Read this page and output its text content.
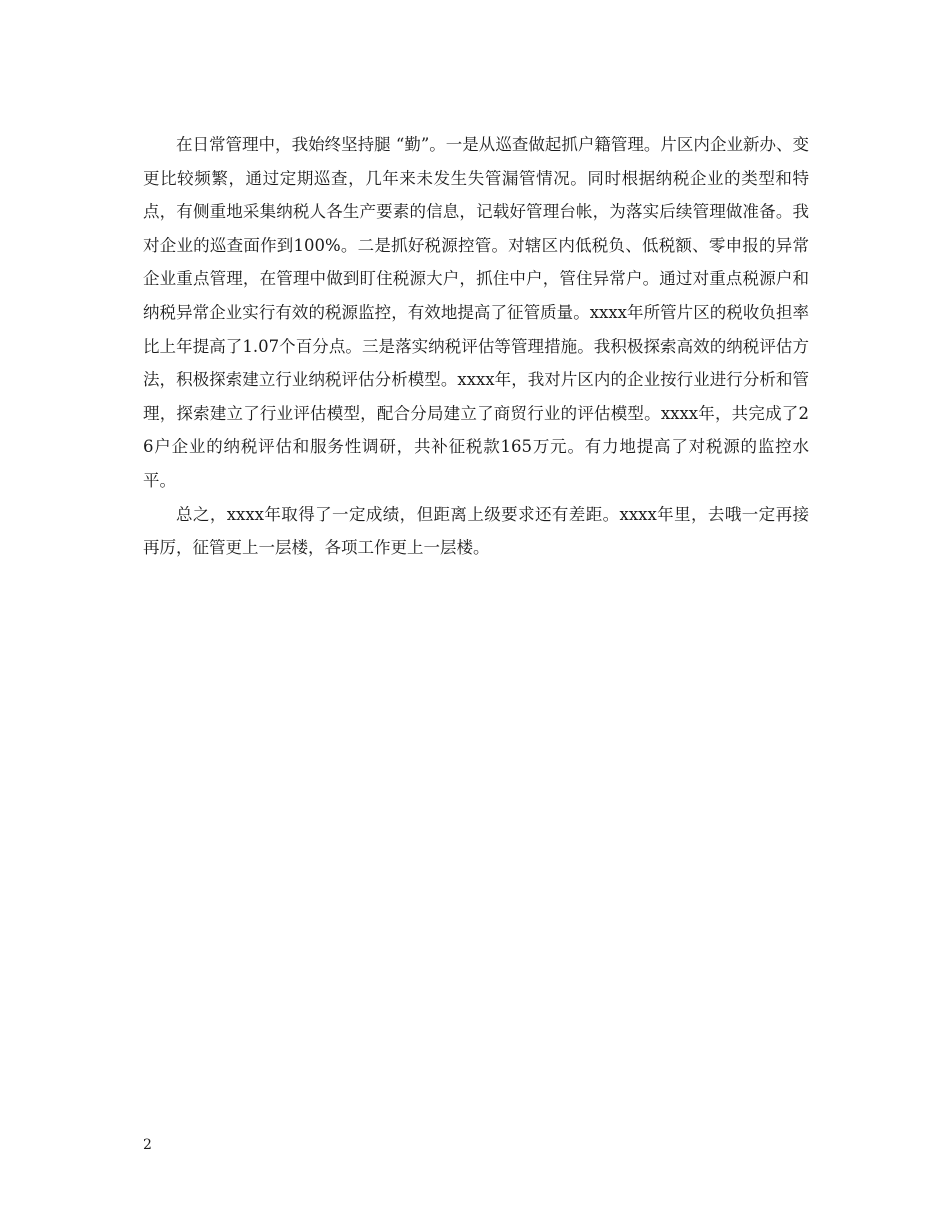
在日常管理中，我始终坚持腿 “勤”。一是从巡查做起抓户籍管理。片区内企业新办、变更比较频繁，通过定期巡查，几年来未发生失管漏管情况。同时根据纳税企业的类型和特点，有侧重地采集纳税人各生产要素的信息，记载好管理台帐，为落实后续管理做准备。我对企业的巡查面作到100%。二是抓好税源控管。对辖区内低税负、低税额、零申报的异常企业重点管理，在管理中做到盯住税源大户，抓住中户，管住异常户。通过对重点税源户和纳税异常企业实行有效的税源监控，有效地提高了征管质量。xxxx年所管片区的税收负担率比上年提高了1.07个百分点。三是落实纳税评估等管理措施。我积极探索高效的纳税评估方法，积极探索建立行业纳税评估分析模型。xxxx年，我对片区内的企业按行业进行分析和管理，探索建立了行业评估模型，配合分局建立了商贸行业的评估模型。xxxx年，共完成了26户企业的纳税评估和服务性调研，共补征税款165万元。有力地提高了对税源的监控水平。

总之，xxxx年取得了一定成绩，但距离上级要求还有差距。xxxx年里，去哦一定再接再厉，征管更上一层楼，各项工作更上一层楼。

2
